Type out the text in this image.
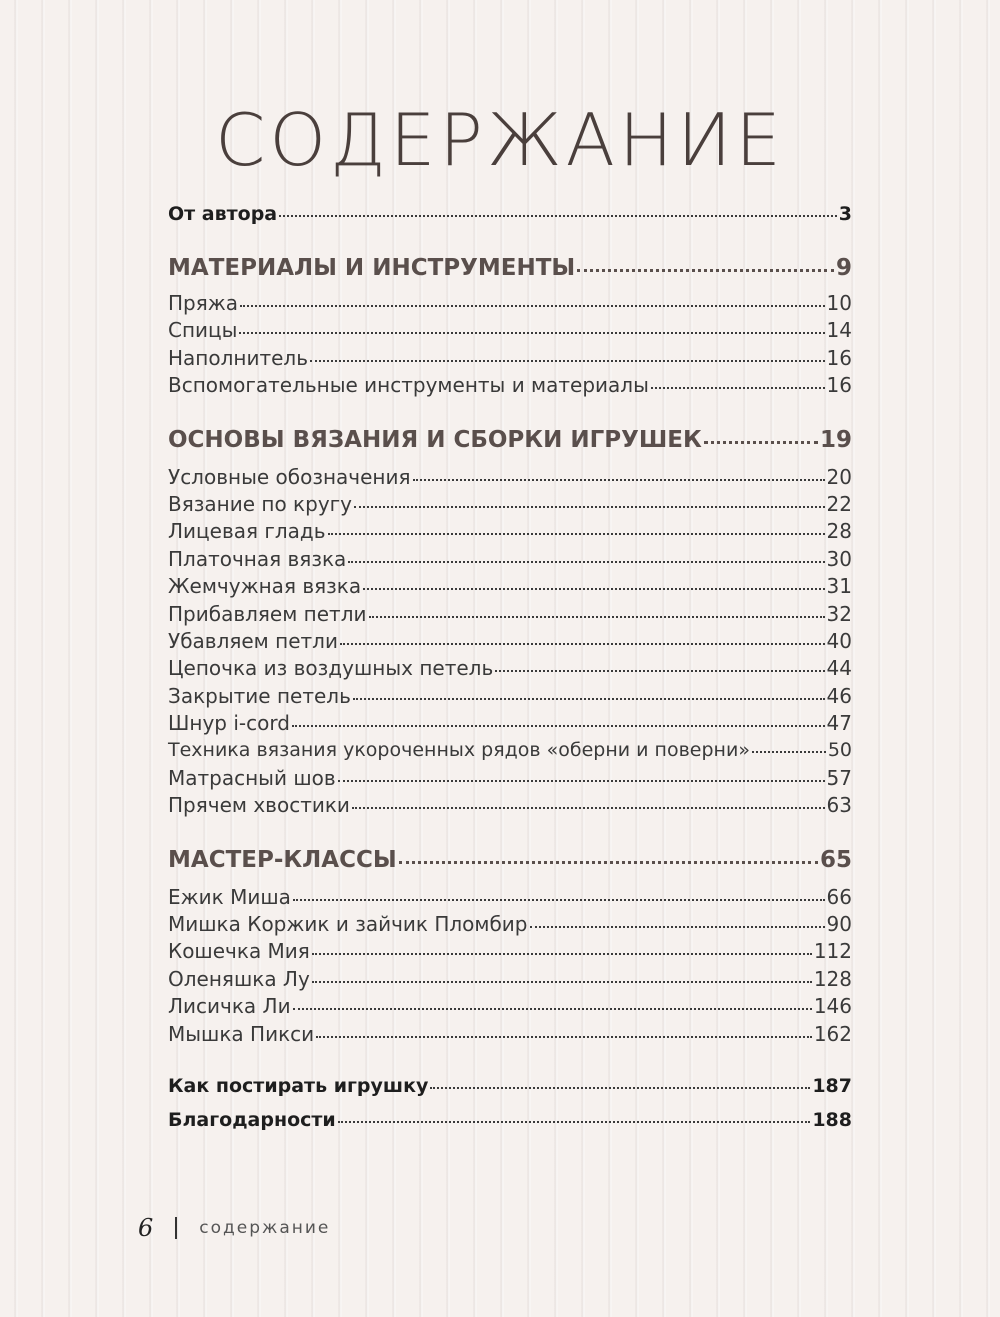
СОДЕРЖАНИЕ
От автора	3
МАТЕРИАЛЫ И ИНСТРУМЕНТЫ	9
Пряжа	10
Спицы	14
Наполнитель	16
Вспомогательные инструменты и материалы	16
ОСНОВЫ ВЯЗАНИЯ И СБОРКИ ИГРУШЕК	19
Условные обозначения	20
Вязание по кругу	22
Лицевая гладь	28
Платочная вязка	30
Жемчужная вязка	31
Прибавляем петли	32
Убавляем петли	40
Цепочка из воздушных петель	44
Закрытие петель	46
Шнур i-cord	47
Техника вязания укороченных рядов «оберни и поверни»	50
Матрасный шов	57
Прячем хвостики	63
МАСТЕР-КЛАССЫ	65
Ежик Миша	66
Мишка Коржик и зайчик Пломбир	90
Кошечка Мия	112
Оленяшка Лу	128
Лисичка Ли	146
Мышка Пикси	162
Как постирать игрушку	187
Благодарности	188
6	содержание
